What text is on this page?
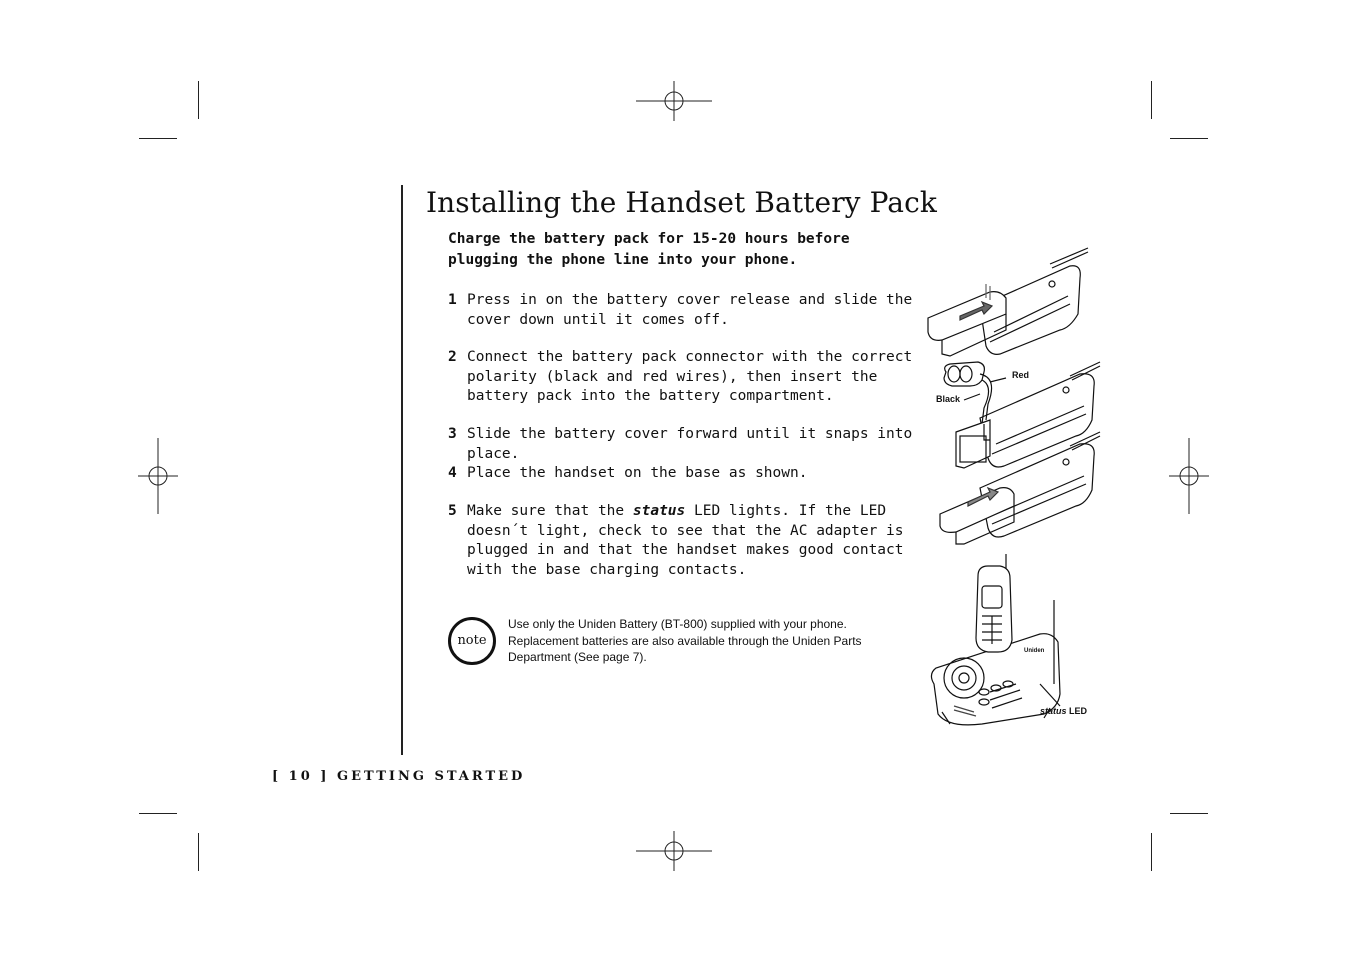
Installing the Handset Battery Pack
Charge the battery pack for 15-20 hours before plugging the phone line into your phone.
1 Press in on the battery cover release and slide the cover down until it comes off.
2 Connect the battery pack connector with the correct polarity (black and red wires), then insert the battery pack into the battery compartment.
3 Slide the battery cover forward until it snaps into place.
4 Place the handset on the base as shown.
5 Make sure that the status LED lights. If the LED doesn´t light, check to see that the AC adapter is plugged in and that the handset makes good contact with the base charging contacts.
note
Use only the Uniden Battery (BT-800) supplied with your phone. Replacement batteries are also available through the Uniden Parts Department (See page 7).
[ 10 ] GETTING STARTED
Red
Black
Uniden
status LED
